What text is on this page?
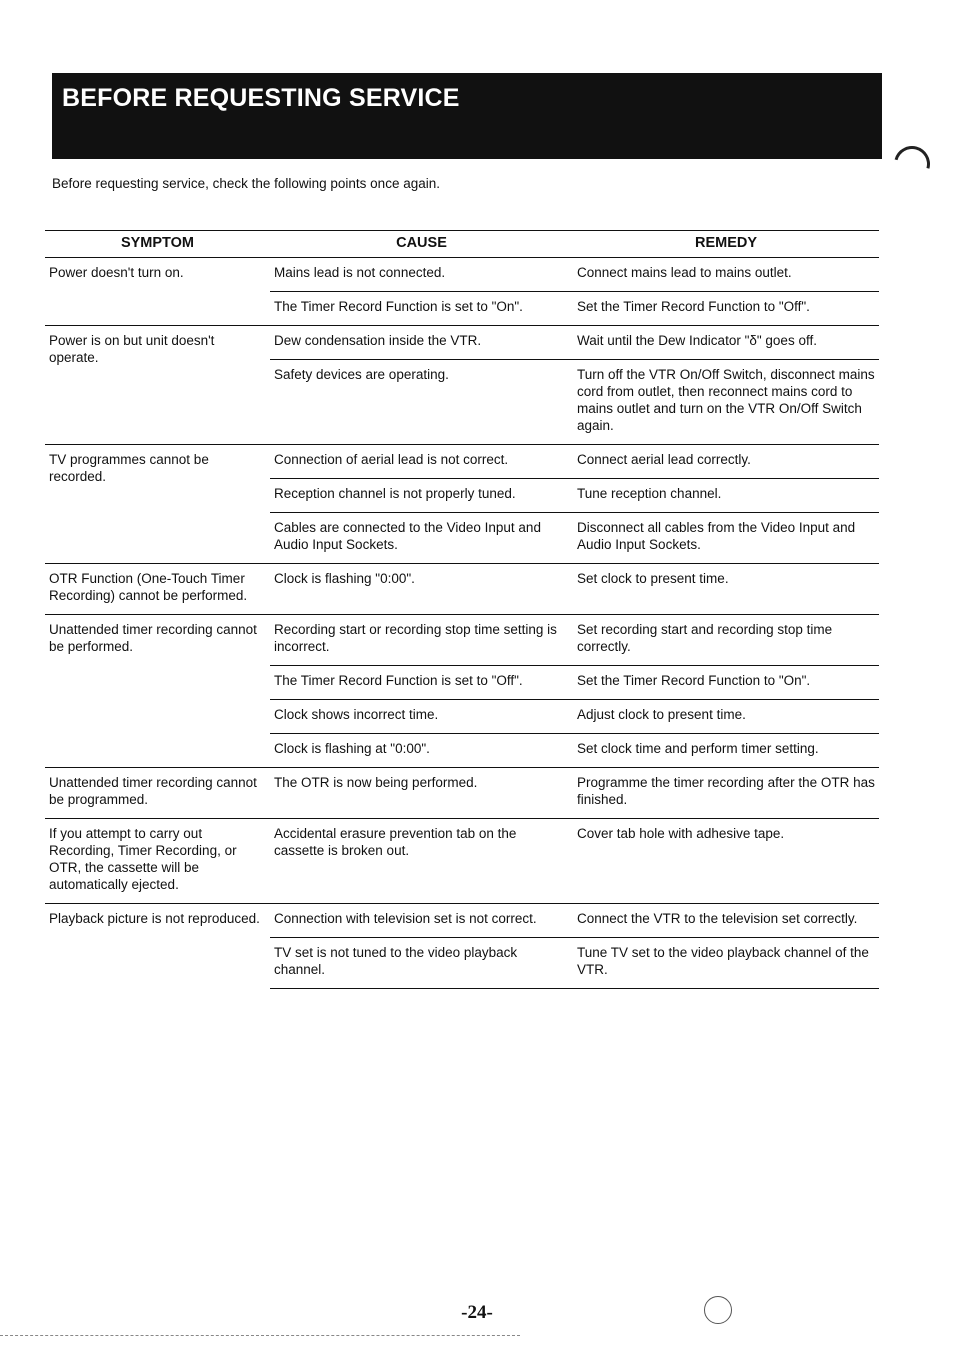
BEFORE REQUESTING SERVICE

Before requesting service, check the following points once again.

SYMPTOM	CAUSE	REMEDY
Power doesn't turn on.	Mains lead is not connected.	Connect mains lead to mains outlet.
	The Timer Record Function is set to "On".	Set the Timer Record Function to "Off".
Power is on but unit doesn't operate.	Dew condensation inside the VTR.	Wait until the Dew Indicator "δ" goes off.
	Safety devices are operating.	Turn off the VTR On/Off Switch, disconnect mains cord from outlet, then reconnect mains cord to mains outlet and turn on the VTR On/Off Switch again.
TV programmes cannot be recorded.	Connection of aerial lead is not correct.	Connect aerial lead correctly.
	Reception channel is not properly tuned.	Tune reception channel.
	Cables are connected to the Video Input and Audio Input Sockets.	Disconnect all cables from the Video Input and Audio Input Sockets.
OTR Function (One-Touch Timer Recording) cannot be performed.	Clock is flashing "0:00".	Set clock to present time.
Unattended timer recording cannot be performed.	Recording start or recording stop time setting is incorrect.	Set recording start and recording stop time correctly.
	The Timer Record Function is set to "Off".	Set the Timer Record Function to "On".
	Clock shows incorrect time.	Adjust clock to present time.
	Clock is flashing at "0:00".	Set clock time and perform timer setting.
Unattended timer recording cannot be programmed.	The OTR is now being performed.	Programme the timer recording after the OTR has finished.
If you attempt to carry out Recording, Timer Recording, or OTR, the cassette will be automatically ejected.	Accidental erasure prevention tab on the cassette is broken out.	Cover tab hole with adhesive tape.
Playback picture is not reproduced.	Connection with television set is not correct.	Connect the VTR to the television set correctly.
	TV set is not tuned to the video playback channel.	Tune TV set to the video playback channel of the VTR.
-24-
